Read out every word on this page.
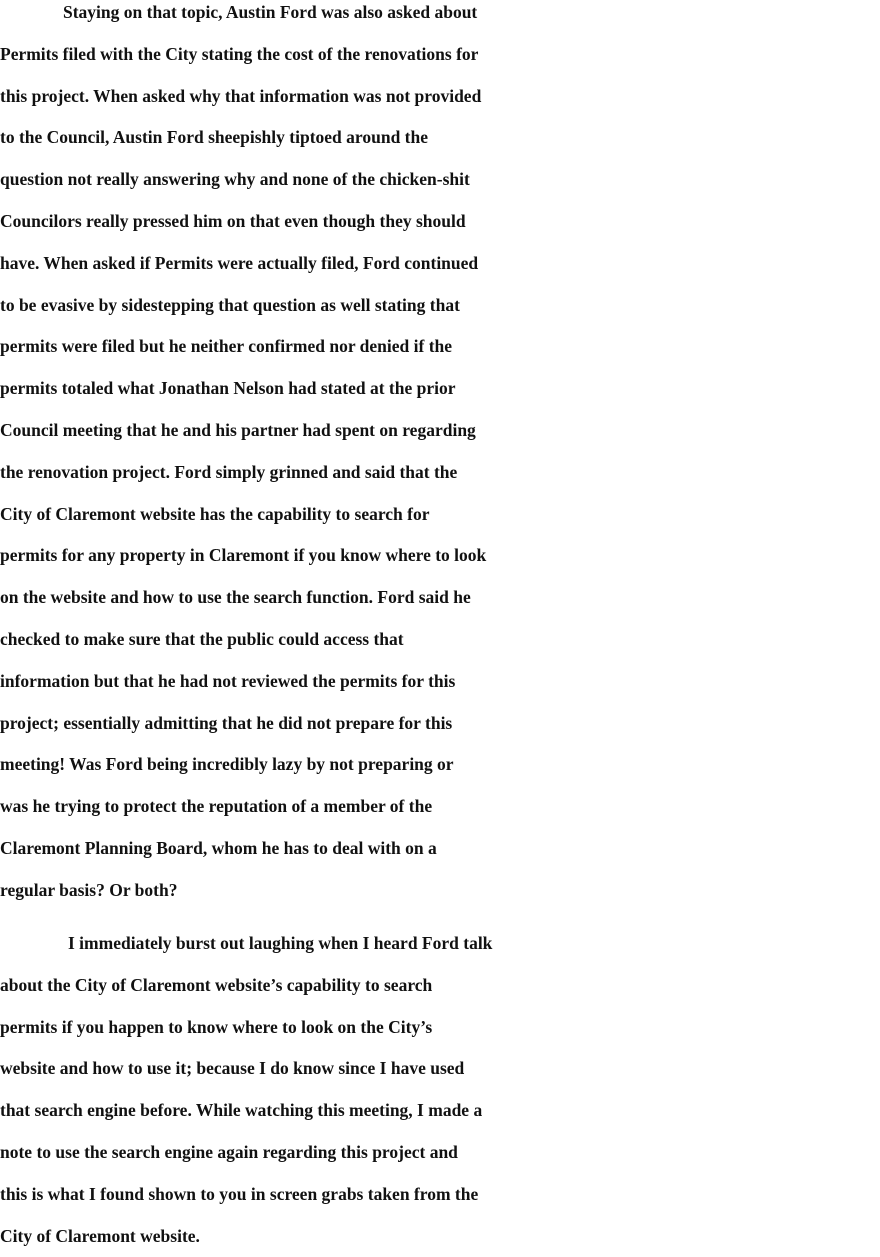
Staying on that topic, Austin Ford was also asked about
Permits filed with the City stating the cost of the renovations for
this project. When asked why that information was not provided
to the Council, Austin Ford sheepishly tiptoed around the
question not really answering why and none of the chicken-shit
Councilors really pressed him on that even though they should
have. When asked if Permits were actually filed, Ford continued
to be evasive by sidestepping that question as well stating that
permits were filed but he neither confirmed nor denied if the
permits totaled what Jonathan Nelson had stated at the prior
Council meeting that he and his partner had spent on regarding
the renovation project. Ford simply grinned and said that the
City of Claremont website has the capability to search for
permits for any property in Claremont if you know where to look
on the website and how to use the search function. Ford said he
checked to make sure that the public could access that
information but that he had not reviewed the permits for this
project; essentially admitting that he did not prepare for this
meeting! Was Ford being incredibly lazy by not preparing or
was he trying to protect the reputation of a member of the
Claremont Planning Board, whom he has to deal with on a
regular basis? Or both?
I immediately burst out laughing when I heard Ford talk
about the City of Claremont website’s capability to search
permits if you happen to know where to look on the City’s
website and how to use it; because I do know since I have used
that search engine before. While watching this meeting, I made a
note to use the search engine again regarding this project and
this is what I found shown to you in screen grabs taken from the
City of Claremont website.
